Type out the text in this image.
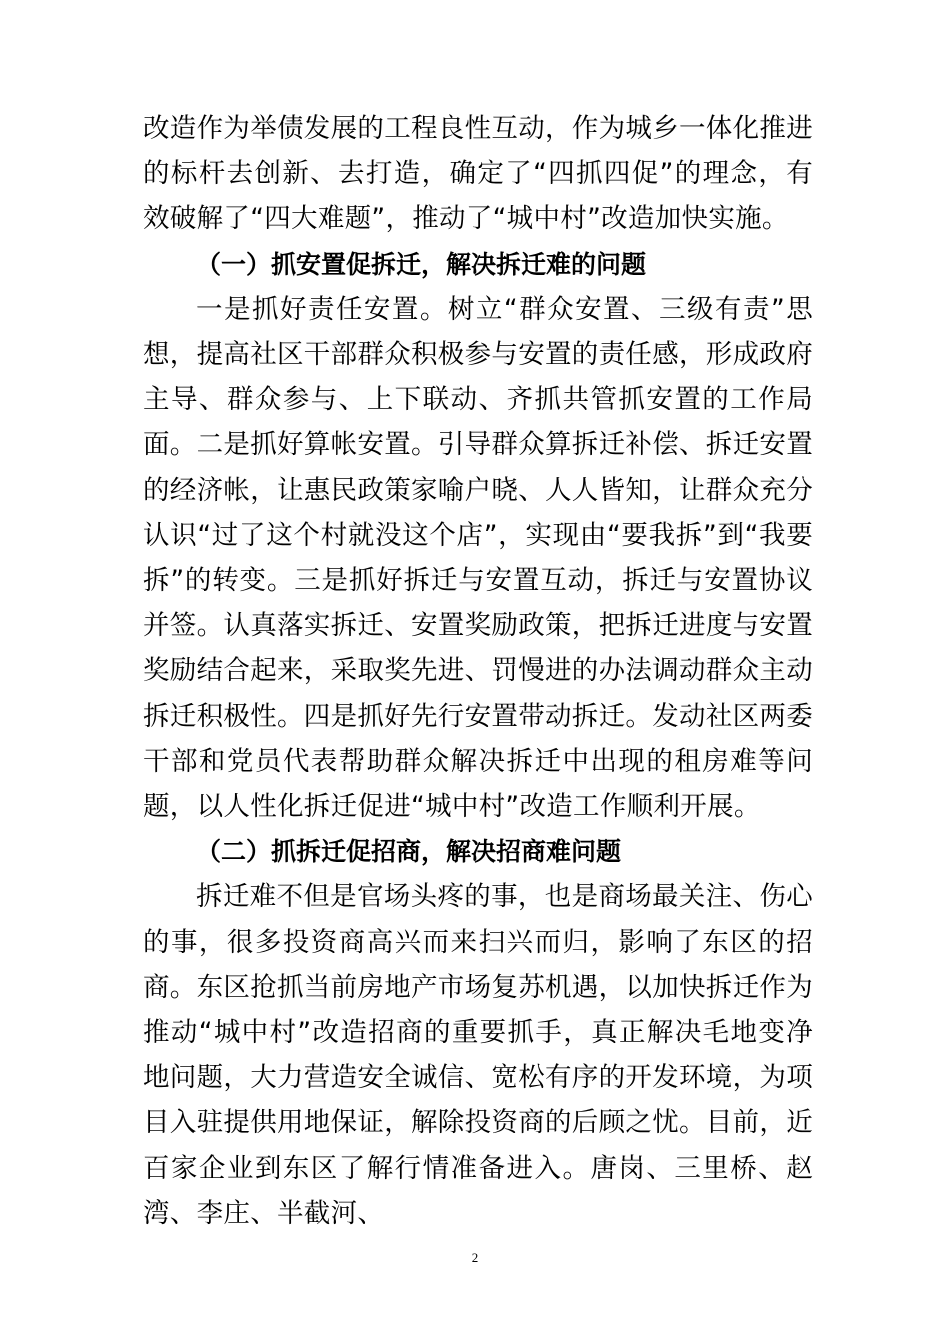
改造作为举债发展的工程良性互动，作为城乡一体化推进的标杆去创新、去打造，确定了“四抓四促”的理念，有效破解了“四大难题”，推动了“城中村”改造加快实施。

（一）抓安置促拆迁，解决拆迁难的问题

一是抓好责任安置。树立“群众安置、三级有责”思想，提高社区干部群众积极参与安置的责任感，形成政府主导、群众参与、上下联动、齐抓共管抓安置的工作局面。二是抓好算帐安置。引导群众算拆迁补偿、拆迁安置的经济帐，让惠民政策家喻户晓、人人皆知，让群众充分认识“过了这个村就没这个店”，实现由“要我拆”到“我要拆”的转变。三是抓好拆迁与安置互动，拆迁与安置协议并签。认真落实拆迁、安置奖励政策，把拆迁进度与安置奖励结合起来，采取奖先进、罚慢进的办法调动群众主动拆迁积极性。四是抓好先行安置带动拆迁。发动社区两委干部和党员代表帮助群众解决拆迁中出现的租房难等问题，以人性化拆迁促进“城中村”改造工作顺利开展。

（二）抓拆迁促招商，解决招商难问题

拆迁难不但是官场头疼的事，也是商场最关注、伤心的事，很多投资商高兴而来扫兴而归，影响了东区的招商。东区抢抓当前房地产市场复苏机遇，以加快拆迁作为推动“城中村”改造招商的重要抓手，真正解决毛地变净地问题，大力营造安全诚信、宽松有序的开发环境，为项目入驻提供用地保证，解除投资商的后顾之忧。目前，近百家企业到东区了解行情准备进入。唐岗、三里桥、赵湾、李庄、半截河、

2
